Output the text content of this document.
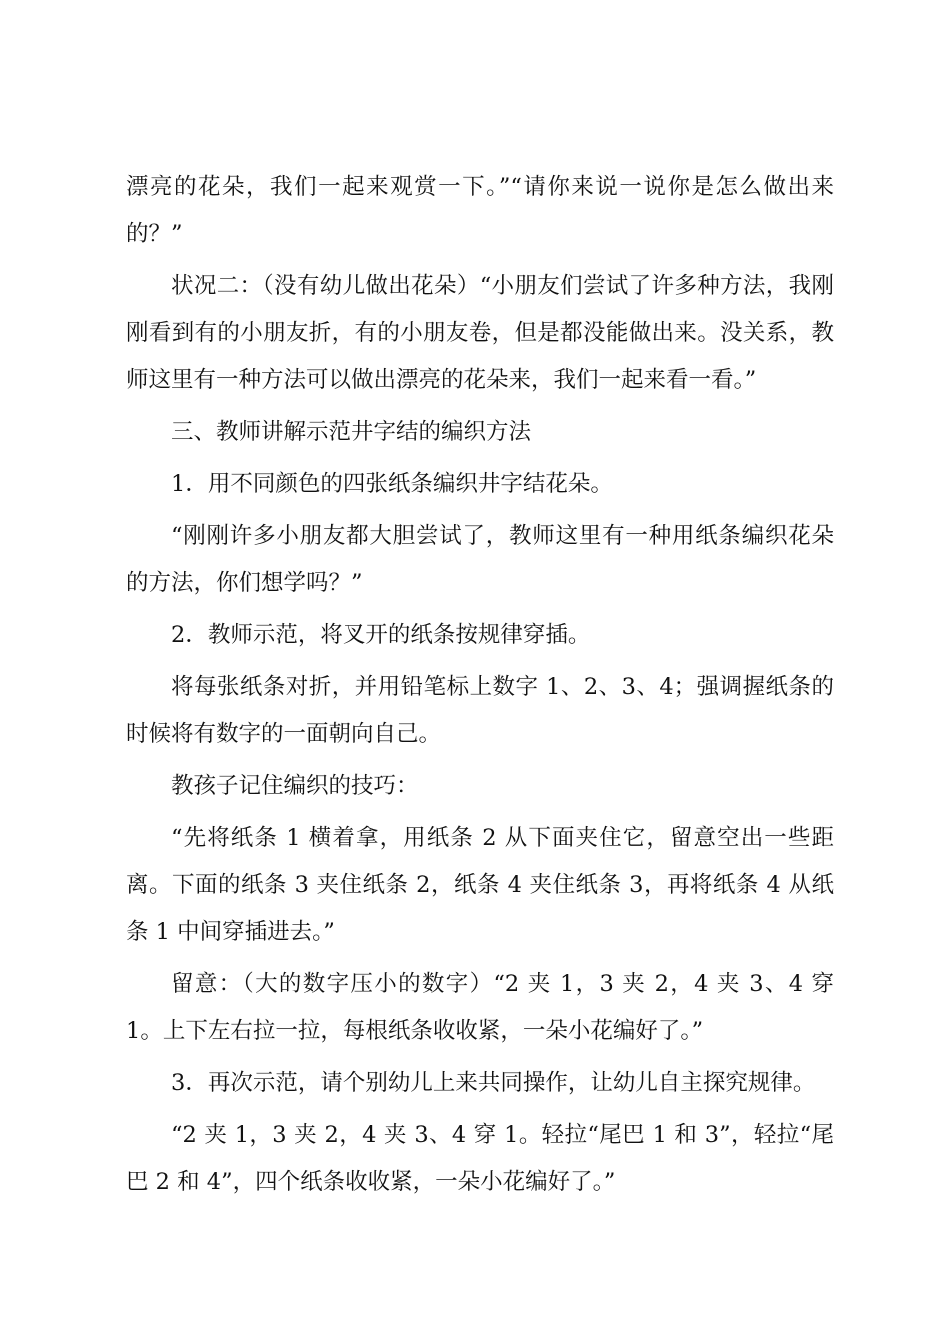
漂亮的花朵，我们一起来观赏一下。”“请你来说一说你是怎么做出来的？”

状况二：（没有幼儿做出花朵）“小朋友们尝试了许多种方法，我刚刚看到有的小朋友折，有的小朋友卷，但是都没能做出来。没关系，教师这里有一种方法可以做出漂亮的花朵来，我们一起来看一看。”

三、教师讲解示范井字结的编织方法

1．用不同颜色的四张纸条编织井字结花朵。

“刚刚许多小朋友都大胆尝试了，教师这里有一种用纸条编织花朵的方法，你们想学吗？”

2．教师示范，将叉开的纸条按规律穿插。

将每张纸条对折，并用铅笔标上数字 1、2、3、4；强调握纸条的时候将有数字的一面朝向自己。

教孩子记住编织的技巧：

“先将纸条 1 横着拿，用纸条 2 从下面夹住它，留意空出一些距离。下面的纸条 3 夹住纸条 2，纸条 4 夹住纸条 3，再将纸条 4 从纸条 1 中间穿插进去。”

留意：（大的数字压小的数字）“2 夹 1，3 夹 2，4 夹 3、4 穿 1。上下左右拉一拉，每根纸条收收紧，一朵小花编好了。”

3．再次示范，请个别幼儿上来共同操作，让幼儿自主探究规律。

“2 夹 1，3 夹 2，4 夹 3、4 穿 1。轻拉“尾巴 1 和 3”，轻拉“尾巴 2 和 4”，四个纸条收收紧，一朵小花编好了。”
